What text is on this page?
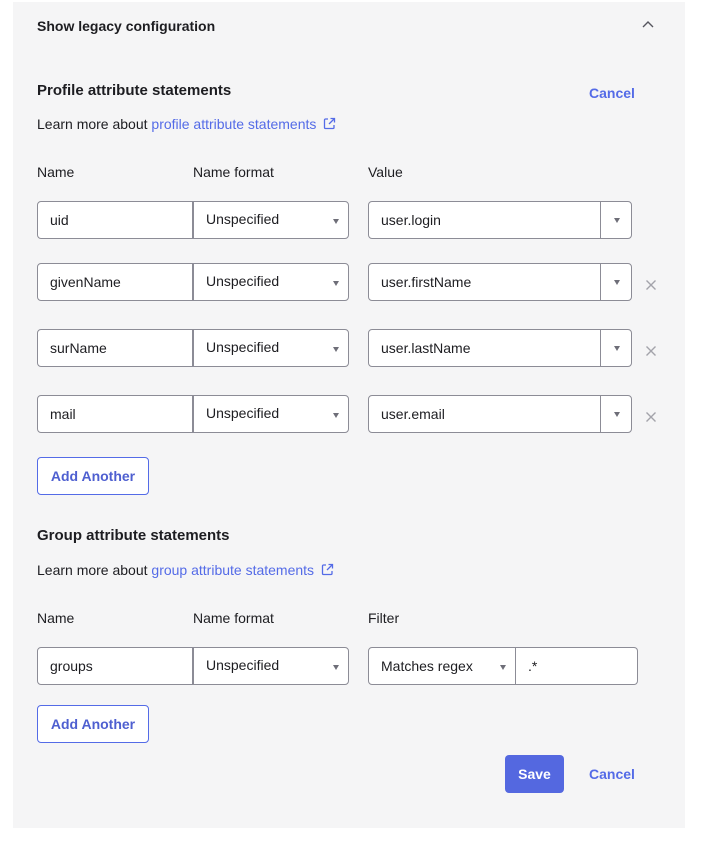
Show legacy configuration
Profile attribute statements	Cancel
Learn more about profile attribute statements
Name	Name format	Value
uid	Unspecified	user.login
givenName	Unspecified	user.firstName
surName	Unspecified	user.lastName
mail	Unspecified	user.email
Add Another
Group attribute statements
Learn more about group attribute statements
Name	Name format	Filter
groups	Unspecified	Matches regex	.*
Add Another
Save	Cancel
